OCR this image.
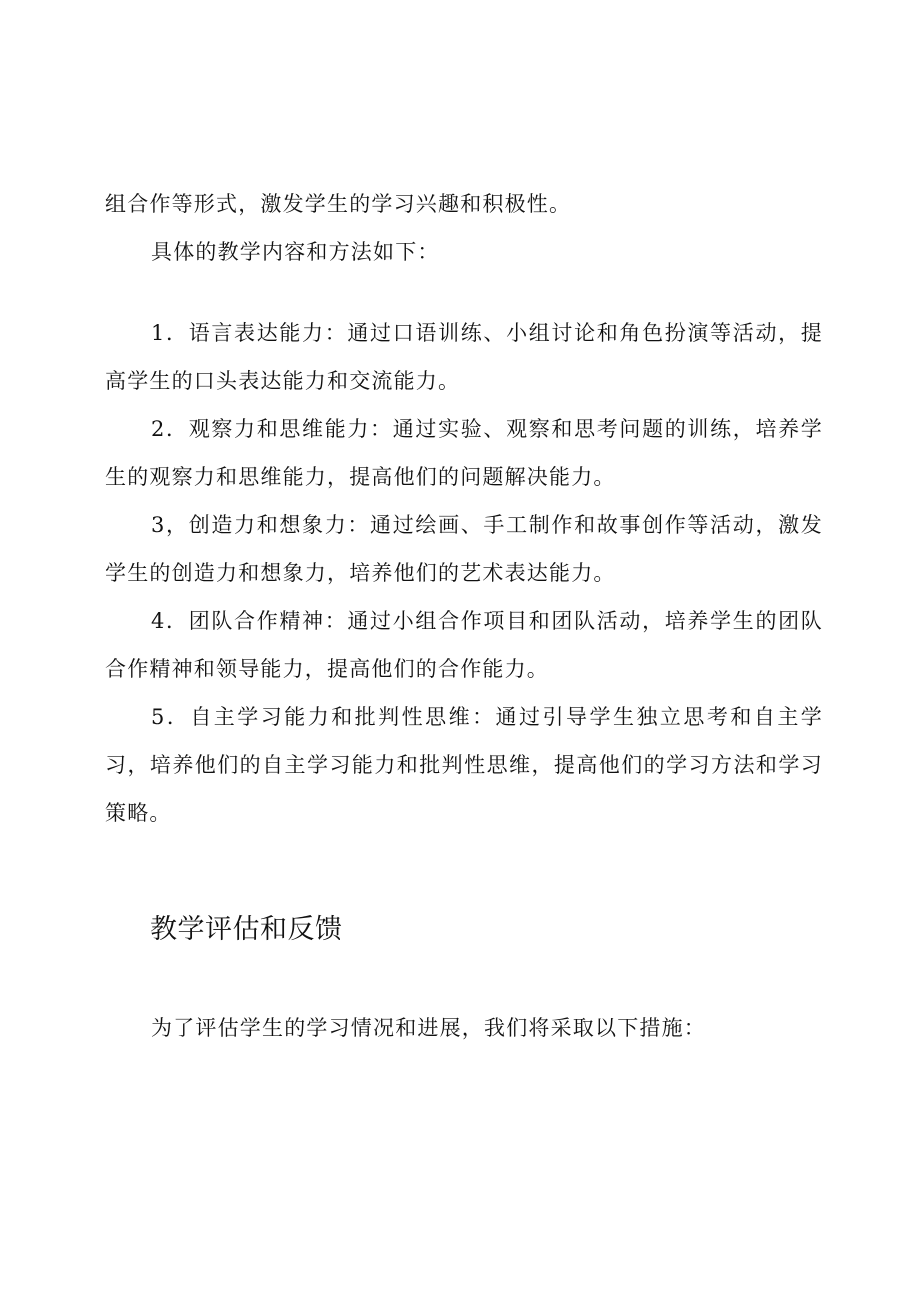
组合作等形式，激发学生的学习兴趣和积极性。

具体的教学内容和方法如下：

1．语言表达能力：通过口语训练、小组讨论和角色扮演等活动，提高学生的口头表达能力和交流能力。

2．观察力和思维能力：通过实验、观察和思考问题的训练，培养学生的观察力和思维能力，提高他们的问题解决能力。

3，创造力和想象力：通过绘画、手工制作和故事创作等活动，激发学生的创造力和想象力，培养他们的艺术表达能力。

4．团队合作精神：通过小组合作项目和团队活动，培养学生的团队合作精神和领导能力，提高他们的合作能力。

5．自主学习能力和批判性思维：通过引导学生独立思考和自主学习，培养他们的自主学习能力和批判性思维，提高他们的学习方法和学习策略。

教学评估和反馈

为了评估学生的学习情况和进展，我们将采取以下措施：
